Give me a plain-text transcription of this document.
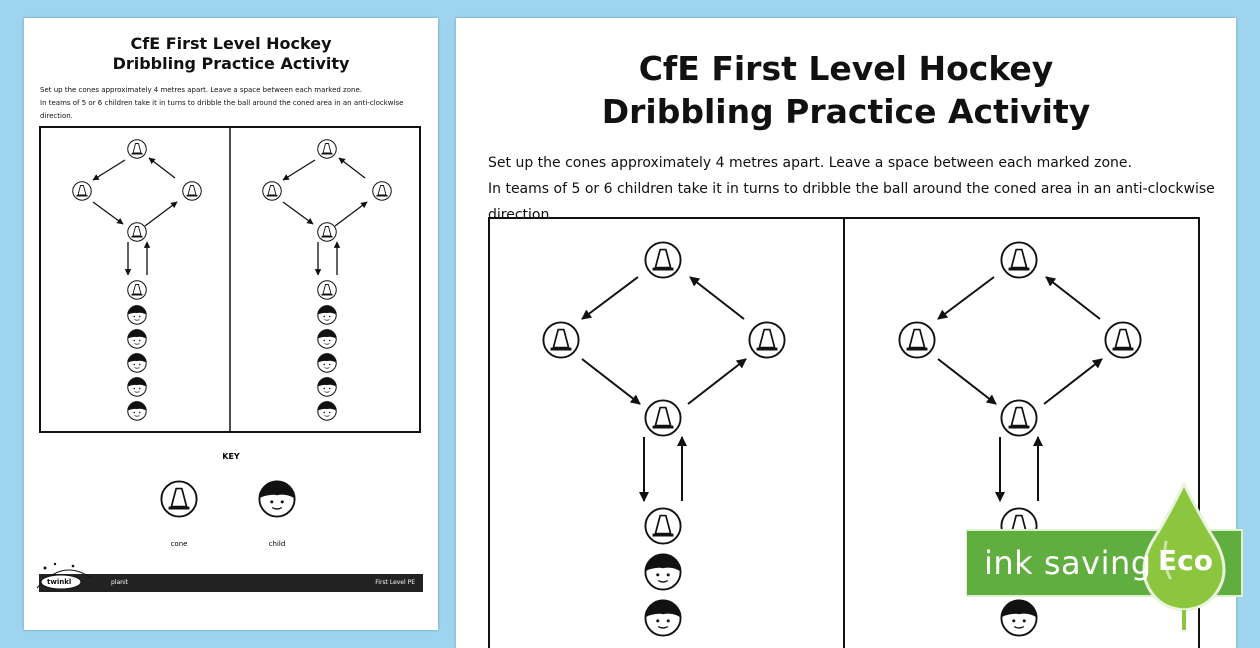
CfE First Level Hockey
Dribbling Practice Activity
Set up the cones approximately 4 metres apart. Leave a space between each marked zone.
In teams of 5 or 6 children take it in turns to dribble the ball around the coned area in an anti-clockwise direction.
KEY
cone	child
twinkl	planit	First Level PE
CfE First Level Hockey
Dribbling Practice Activity
Set up the cones approximately 4 metres apart. Leave a space between each marked zone.
In teams of 5 or 6 children take it in turns to dribble the ball around the coned area in an anti-clockwise direction.
ink saving Eco
